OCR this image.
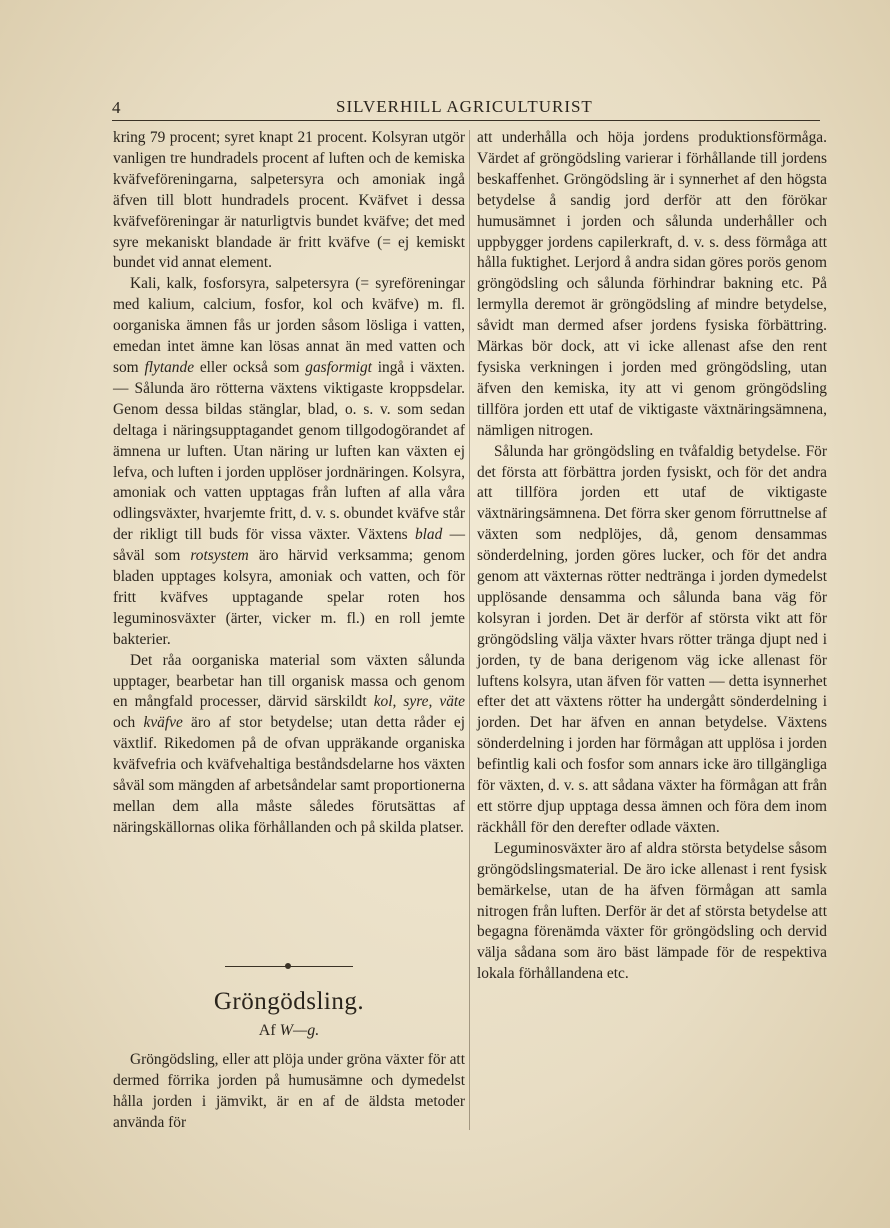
4	SILVERHILL AGRICULTURIST

kring 79 procent; syret knapt 21 procent. Kolsyran utgör vanligen tre hundradels procent af luften och de kemiska kväfveföreningarna, salpetersyra och amoniak ingå äfven till blott hundradels procent. Kväfvet i dessa kväfveföreningar är naturligtvis bundet kväfve; det med syre mekaniskt blandade är fritt kväfve (= ej kemiskt bundet vid annat element.

Kali, kalk, fosforsyra, salpetersyra (= syreföreningar med kalium, calcium, fosfor, kol och kväfve) m. fl. oorganiska ämnen fås ur jorden såsom lösliga i vatten, emedan intet ämne kan lösas annat än med vatten och som flytande eller också som gasformigt ingå i växten. — Sålunda äro rötterna växtens viktigaste kroppsdelar. Genom dessa bildas stänglar, blad, o. s. v. som sedan deltaga i näringsupptagandet genom tillgodogörandet af ämnena ur luften. Utan näring ur luften kan växten ej lefva, och luften i jorden upplöser jordnäringen. Kolsyra, amoniak och vatten upptagas från luften af alla våra odlingsväxter, hvarjemte fritt, d. v. s. obundet kväfve står der rikligt till buds för vissa växter. Växtens blad — såväl som rotsystem äro härvid verksamma; genom bladen upptages kolsyra, amoniak och vatten, och för fritt kväfves upptagande spelar roten hos leguminosväxter (ärter, vicker m. fl.) en roll jemte bakterier.

Det råa oorganiska material som växten sålunda upptager, bearbetar han till organisk massa och genom en mångfald processer, därvid särskildt kol, syre, väte och kväfve äro af stor betydelse; utan detta råder ej växtlif. Rikedomen på de ofvan uppräkande organiska kväfvefria och kväfvehaltiga beståndsdelarne hos växten såväl som mängden af arbetsåndelar samt proportionerna mellan dem alla måste således förutsättas af näringskällornas olika förhållanden och på skilda platser.

Gröngödsling.
Af W—g.

Gröngödsling, eller att plöja under gröna växter för att dermed förrika jorden på humusämne och dymedelst hålla jorden i jämvikt, är en af de äldsta metoder använda för

att underhålla och höja jordens produktionsförmåga. Värdet af gröngödsling varierar i förhållande till jordens beskaffenhet. Gröngödsling är i synnerhet af den högsta betydelse å sandig jord derför att den förökar humusämnet i jorden och sålunda underhåller och uppbygger jordens capilerkraft, d. v. s. dess förmåga att hålla fuktighet. Lerjord å andra sidan göres porös genom gröngödsling och sålunda förhindrar bakning etc. På lermylla deremot är gröngödsling af mindre betydelse, såvidt man dermed afser jordens fysiska förbättring. Märkas bör dock, att vi icke allenast afse den rent fysiska verkningen i jorden med gröngödsling, utan äfven den kemiska, ity att vi genom gröngödsling tillföra jorden ett utaf de viktigaste växtnäringsämnena, nämligen nitrogen.

Sålunda har gröngödsling en tvåfaldig betydelse. För det första att förbättra jorden fysiskt, och för det andra att tillföra jorden ett utaf de viktigaste växtnäringsämnena. Det förra sker genom förruttnelse af växten som nedplöjes, då, genom densammas sönderdelning, jorden göres lucker, och för det andra genom att växternas rötter nedtränga i jorden dymedelst upplösande densamma och sålunda bana väg för kolsyran i jorden. Det är derför af största vikt att för gröngödsling välja växter hvars rötter tränga djupt ned i jorden, ty de bana derigenom väg icke allenast för luftens kolsyra, utan äfven för vatten — detta isynnerhet efter det att växtens rötter ha undergått sönderdelning i jorden. Det har äfven en annan betydelse. Växtens sönderdelning i jorden har förmågan att upplösa i jorden befintlig kali och fosfor som annars icke äro tillgängliga för växten, d. v. s. att sådana växter ha förmågan att från ett större djup upptaga dessa ämnen och föra dem inom räckhåll för den derefter odlade växten.

Leguminosväxter äro af aldra största betydelse såsom gröngödslingsmaterial. De äro icke allenast i rent fysisk bemärkelse, utan de ha äfven förmågan att samla nitrogen från luften. Derför är det af största betydelse att begagna förenämda växter för gröngödsling och dervid välja sådana som äro bäst lämpade för de respektiva lokala förhållandena etc.
